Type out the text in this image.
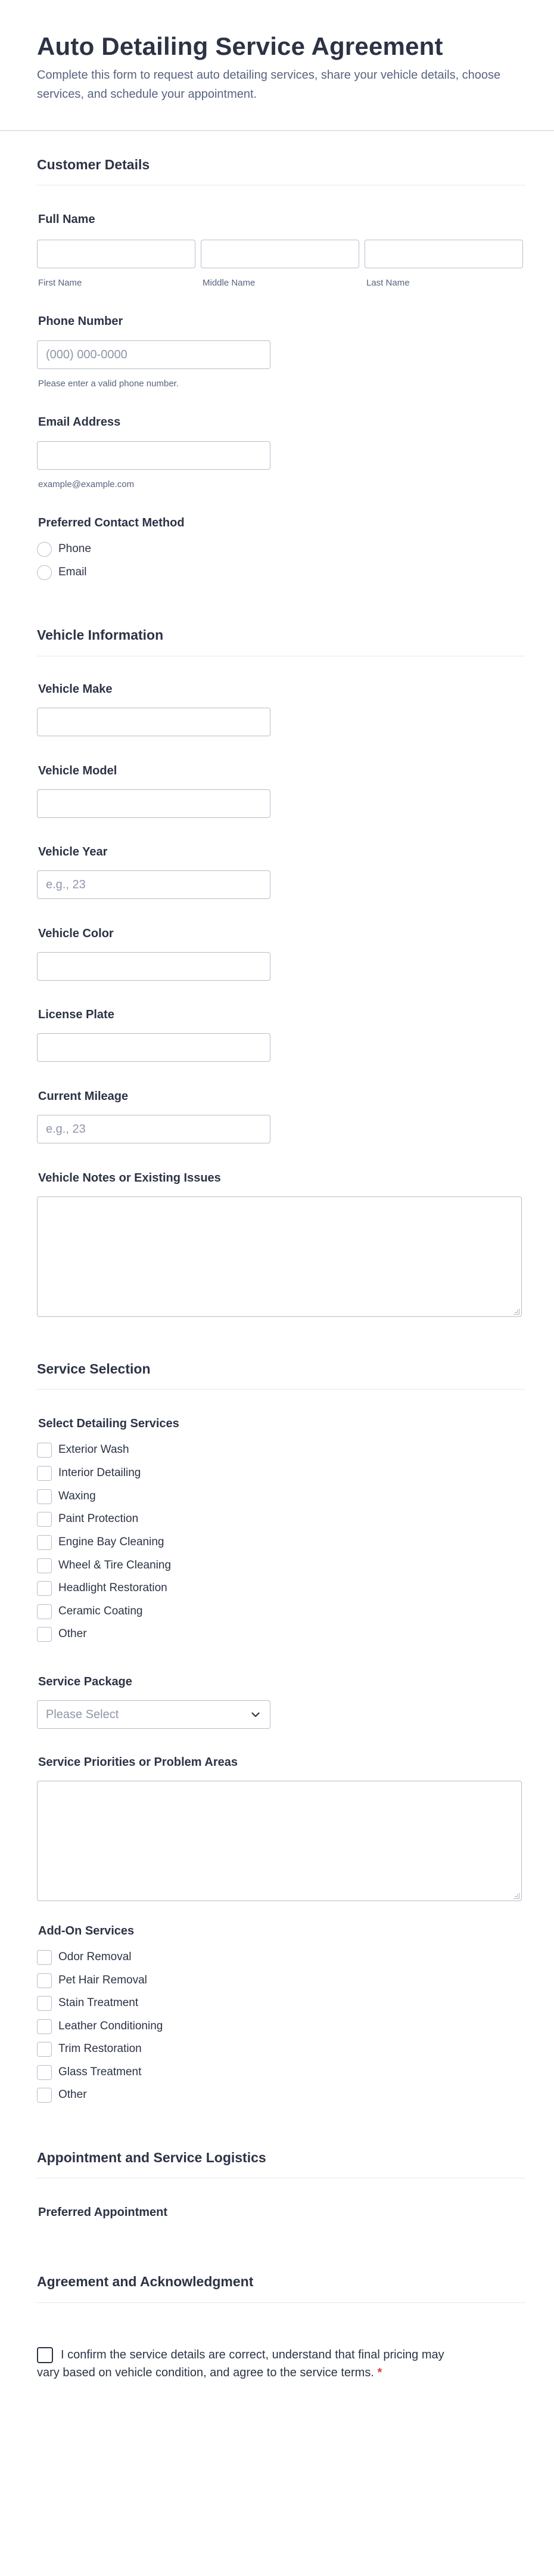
Auto Detailing Service Agreement

Complete this form to request auto detailing services, share your vehicle details, choose services, and schedule your appointment.

Customer Details
Full Name
First Name	Middle Name	Last Name
Phone Number
(000) 000-0000
Please enter a valid phone number.
Email Address
example@example.com
Preferred Contact Method
Phone
Email
Vehicle Information
Vehicle Make
Vehicle Model
Vehicle Year
e.g., 23
Vehicle Color
License Plate
Current Mileage
e.g., 23
Vehicle Notes or Existing Issues
Service Selection
Select Detailing Services
Exterior Wash
Interior Detailing
Waxing
Paint Protection
Engine Bay Cleaning
Wheel & Tire Cleaning
Headlight Restoration
Ceramic Coating
Other
Service Package
Please Select
Service Priorities or Problem Areas
Add-On Services
Odor Removal
Pet Hair Removal
Stain Treatment
Leather Conditioning
Trim Restoration
Glass Treatment
Other
Appointment and Service Logistics
Preferred Appointment
Agreement and Acknowledgment
I confirm the service details are correct, understand that final pricing may vary based on vehicle condition, and agree to the service terms. *
